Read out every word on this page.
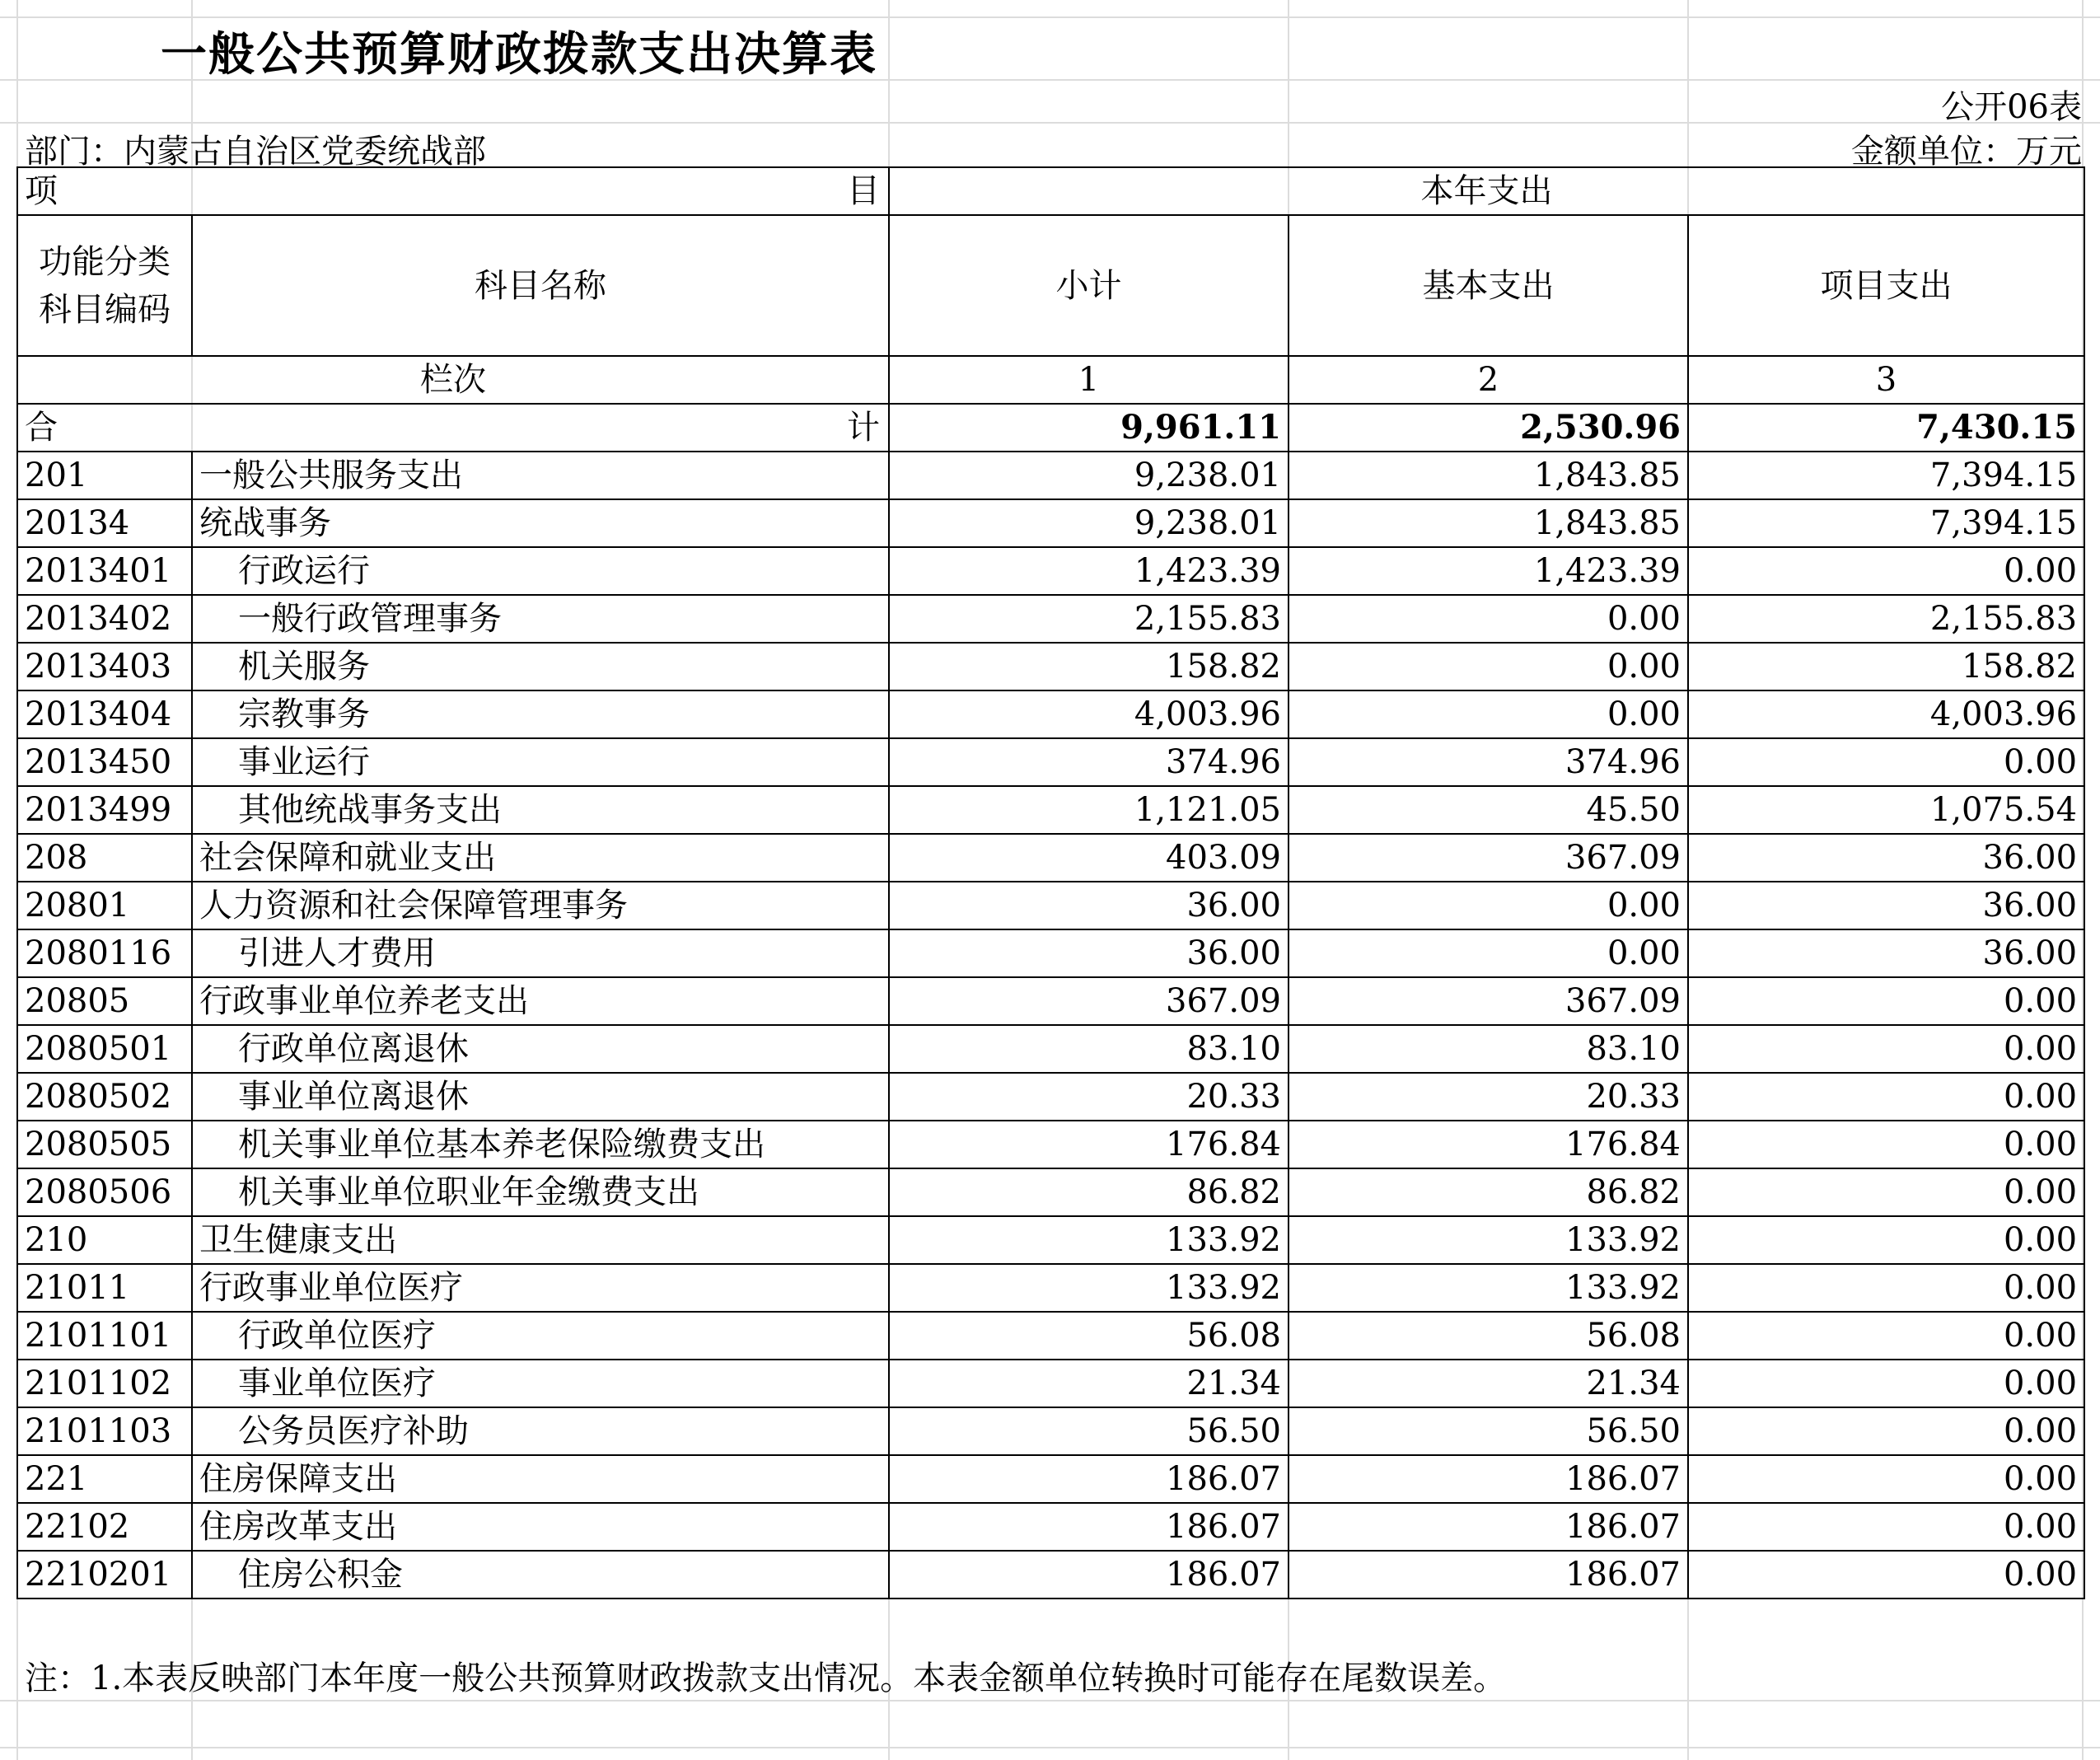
一般公共预算财政拨款支出决算表
公开06表
部门：内蒙古自治区党委统战部	金额单位：万元
项 目		本年支出		
功能分类
科目编码	科目名称	小计	基本支出	项目支出
栏次		1	2	3
合 计		9,961.11	2,530.96	7,430.15
201	一般公共服务支出	9,238.01	1,843.85	7,394.15
20134	统战事务	9,238.01	1,843.85	7,394.15
2013401	行政运行	1,423.39	1,423.39	0.00
2013402	一般行政管理事务	2,155.83	0.00	2,155.83
2013403	机关服务	158.82	0.00	158.82
2013404	宗教事务	4,003.96	0.00	4,003.96
2013450	事业运行	374.96	374.96	0.00
2013499	其他统战事务支出	1,121.05	45.50	1,075.54
208	社会保障和就业支出	403.09	367.09	36.00
20801	人力资源和社会保障管理事务	36.00	0.00	36.00
2080116	引进人才费用	36.00	0.00	36.00
20805	行政事业单位养老支出	367.09	367.09	0.00
2080501	行政单位离退休	83.10	83.10	0.00
2080502	事业单位离退休	20.33	20.33	0.00
2080505	机关事业单位基本养老保险缴费支出	176.84	176.84	0.00
2080506	机关事业单位职业年金缴费支出	86.82	86.82	0.00
210	卫生健康支出	133.92	133.92	0.00
21011	行政事业单位医疗	133.92	133.92	0.00
2101101	行政单位医疗	56.08	56.08	0.00
2101102	事业单位医疗	21.34	21.34	0.00
2101103	公务员医疗补助	56.50	56.50	0.00
221	住房保障支出	186.07	186.07	0.00
22102	住房改革支出	186.07	186.07	0.00
2210201	住房公积金	186.07	186.07	0.00
注：1.本表反映部门本年度一般公共预算财政拨款支出情况。本表金额单位转换时可能存在尾数误差。
